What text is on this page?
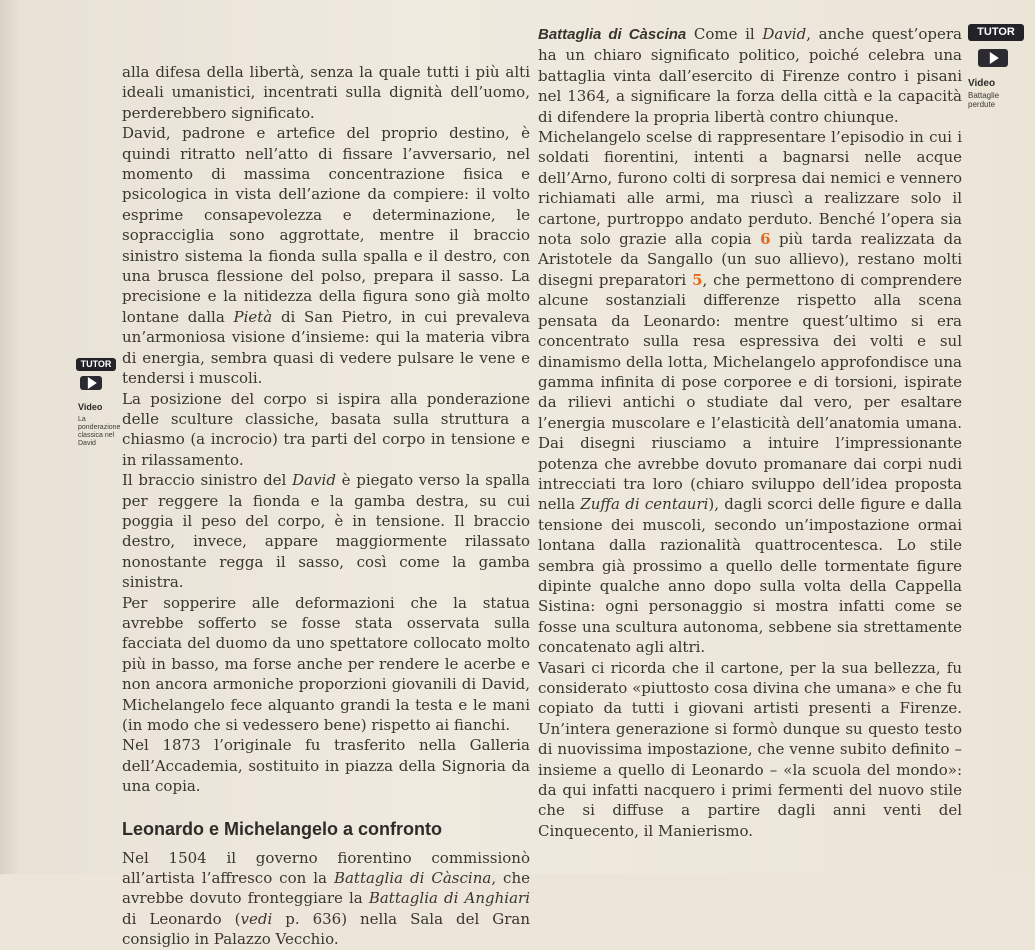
alla difesa della libertà, senza la quale tutti i più alti ideali umanistici, incentrati sulla dignità dell’uomo, perderebbero significato.

David, padrone e artefice del proprio destino, è quindi ritratto nell’atto di fissare l’avversario, nel momento di massima concentrazione fisica e psicologica in vista dell’azione da compiere: il volto esprime consapevolezza e determinazione, le sopracciglia sono aggrottate, mentre il braccio sinistro sistema la fionda sulla spalla e il destro, con una brusca flessione del polso, prepara il sasso. La precisione e la nitidezza della figura sono già molto lontane dalla Pietà di San Pietro, in cui prevaleva un’armoniosa visione d’insieme: qui la materia vibra di energia, sembra quasi di vedere pulsare le vene e tendersi i muscoli.

La posizione del corpo si ispira alla ponderazione delle sculture classiche, basata sulla struttura a chiasmo (a incrocio) tra parti del corpo in tensione e in rilassamento.

Il braccio sinistro del David è piegato verso la spalla per reggere la fionda e la gamba destra, su cui poggia il peso del corpo, è in tensione. Il braccio destro, invece, appare maggiormente rilassato nonostante regga il sasso, così come la gamba sinistra.

Per sopperire alle deformazioni che la statua avrebbe sofferto se fosse stata osservata sulla facciata del duomo da uno spettatore collocato molto più in basso, ma forse anche per rendere le acerbe e non ancora armoniche proporzioni giovanili di David, Michelangelo fece alquanto grandi la testa e le mani (in modo che si vedessero bene) rispetto ai fianchi.

Nel 1873 l’originale fu trasferito nella Galleria dell’Accademia, sostituito in piazza della Signoria da una copia.

Leonardo e Michelangelo a confronto

Nel 1504 il governo fiorentino commissionò all’artista l’affresco con la Battaglia di Càscina, che avrebbe dovuto fronteggiare la Battaglia di Anghiari di Leonardo (vedi p. 636) nella Sala del Gran consiglio in Palazzo Vecchio.

Battaglia di Càscina Come il David, anche quest’opera ha un chiaro significato politico, poiché celebra una battaglia vinta dall’esercito di Firenze contro i pisani nel 1364, a significare la forza della città e la capacità di difendere la propria libertà contro chiunque.

Michelangelo scelse di rappresentare l’episodio in cui i soldati fiorentini, intenti a bagnarsi nelle acque dell’Arno, furono colti di sorpresa dai nemici e vennero richiamati alle armi, ma riuscì a realizzare solo il cartone, purtroppo andato perduto. Benché l’opera sia nota solo grazie alla copia 6 più tarda realizzata da Aristotele da Sangallo (un suo allievo), restano molti disegni preparatori 5, che permettono di comprendere alcune sostanziali differenze rispetto alla scena pensata da Leonardo: mentre quest’ultimo si era concentrato sulla resa espressiva dei volti e sul dinamismo della lotta, Michelangelo approfondisce una gamma infinita di pose corporee e di torsioni, ispirate da rilievi antichi o studiate dal vero, per esaltare l’energia muscolare e l’elasticità dell’anatomia umana. Dai disegni riusciamo a intuire l’impressionante potenza che avrebbe dovuto promanare dai corpi nudi intrecciati tra loro (chiaro sviluppo dell’idea proposta nella Zuffa di centauri), dagli scorci delle figure e dalla tensione dei muscoli, secondo un’impostazione ormai lontana dalla razionalità quattrocentesca. Lo stile sembra già prossimo a quello delle tormentate figure dipinte qualche anno dopo sulla volta della Cappella Sistina: ogni personaggio si mostra infatti come se fosse una scultura autonoma, sebbene sia strettamente concatenato agli altri.

Vasari ci ricorda che il cartone, per la sua bellezza, fu considerato «piuttosto cosa divina che umana» e che fu copiato da tutti i giovani artisti presenti a Firenze. Un’intera generazione si formò dunque su questo testo di nuovissima impostazione, che venne subito definito – insieme a quello di Leonardo – «la scuola del mondo»: da qui infatti nacquero i primi fermenti del nuovo stile che si diffuse a partire dagli anni venti del Cinquecento, il Manierismo.

TUTOR
Video
Battaglie perdute
TUTOR
Video
La ponderazione classica nel David
